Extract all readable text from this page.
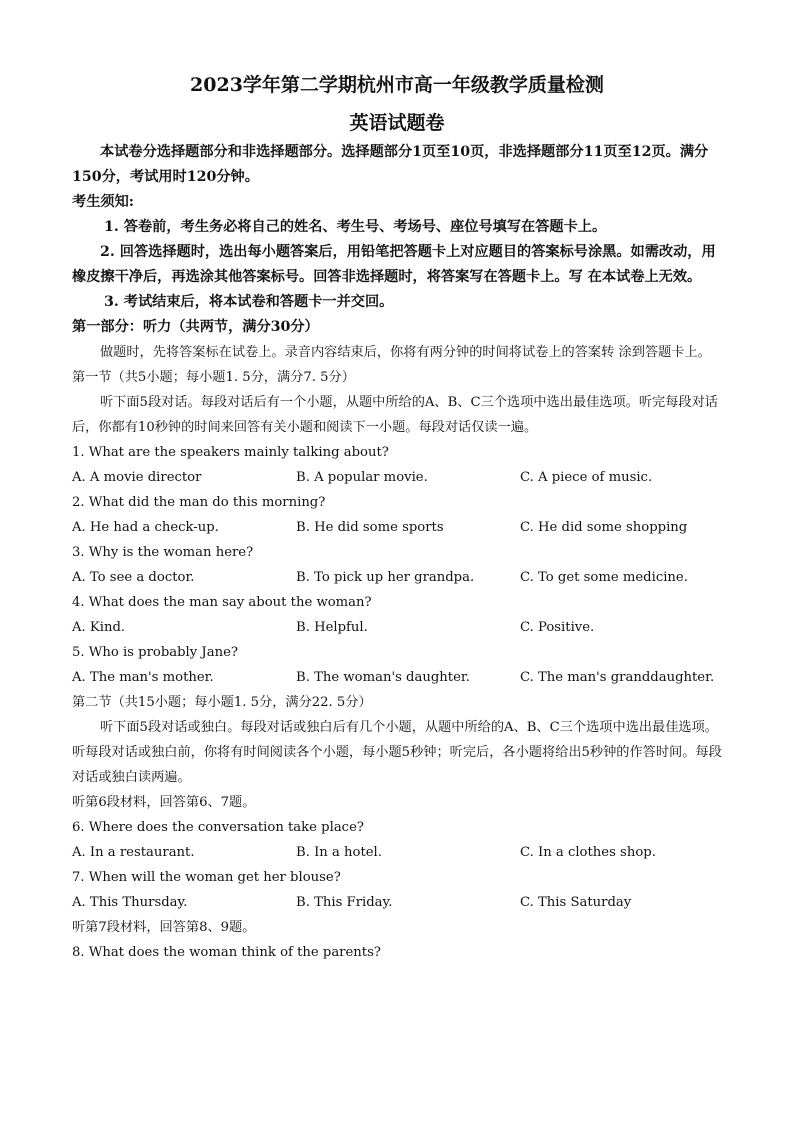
2023学年第二学期杭州市高一年级教学质量检测
英语试题卷

本试卷分选择题部分和非选择题部分。选择题部分1页至10页，非选择题部分11页至12页。满分150分，考试用时120分钟。

考生须知:

1. 答卷前，考生务必将自己的姓名、考生号、考场号、座位号填写在答题卡上。

2. 回答选择题时，选出每小题答案后，用铅笔把答题卡上对应题目的答案标号涂黑。如需改动，用橡皮擦干净后，再选涂其他答案标号。回答非选择题时，将答案写在答题卡上。写 在本试卷上无效。

3. 考试结束后，将本试卷和答题卡一并交回。

第一部分：听力（共两节，满分30分）

做题时，先将答案标在试卷上。录音内容结束后，你将有两分钟的时间将试卷上的答案转 涂到答题卡上。

第一节（共5小题；每小题1. 5分，满分7. 5分）

听下面5段对话。每段对话后有一个小题，从题中所给的A、B、C三个选项中选出最佳选项。听完每段对话后，你都有10秒钟的时间来回答有关小题和阅读下一小题。每段对话仅读一遍。

1. What are the speakers mainly talking about?

A. A movie director	B. A popular movie.	C. A piece of music.

2. What did the man do this morning?

A. He had a check-up.	B. He did some sports	C. He did some shopping

3. Why is the woman here?

A. To see a doctor.	B. To pick up her grandpa.	C. To get some medicine.

4. What does the man say about the woman?

A. Kind.	B. Helpful.	C. Positive.

5. Who is probably Jane?

A. The man's mother.	B. The woman's daughter.	C. The man's granddaughter.

第二节（共15小题；每小题1. 5分，满分22. 5分）

听下面5段对话或独白。每段对话或独白后有几个小题，从题中所给的A、B、C三个选项中选出最佳选项。听每段对话或独白前，你将有时间阅读各个小题，每小题5秒钟；听完后，各小题将给出5秒钟的作答时间。每段对话或独白读两遍。

听第6段材料，回答第6、7题。

6. Where does the conversation take place?

A. In a restaurant.	B. In a hotel.	C. In a clothes shop.

7. When will the woman get her blouse?

A. This Thursday.	B. This Friday.	C. This Saturday

听第7段材料，回答第8、9题。

8. What does the woman think of the parents?
